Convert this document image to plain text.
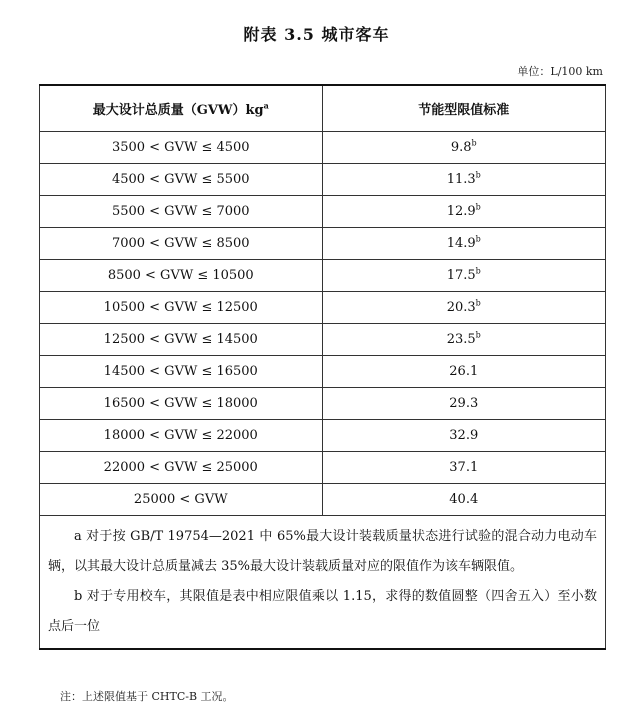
附表 3.5 城市客车
单位：L/100 km
最大设计总质量$(GVW)kg^a$	节能型限值标准
3500 < GVW ≤ 4500	9.8$^b$
4500 < GVW ≤ 5500	11.3$^b$
5500 < GVW ≤ 7000	12.9$^b$
7000 < GVW ≤ 8500	14.9$^b$
8500 < GVW ≤ 10500	17.5$^b$
10500 < GVW ≤ 12500	20.3$^b$
12500 < GVW ≤ 14500	23.5$^b$
14500 < GVW ≤ 16500	26.1
16500 < GVW ≤ 18000	29.3
18000 < GVW ≤ 22000	32.9
22000 < GVW ≤ 25000	37.1
25000 < GVW	40.4

a 对于按 GB/T 19754—2021 中 65%最大设计装载质量状态进行试验的混合动力电动车辆，以其最大设计总质量减去 35%最大设计装载质量对应的限值作为该车辆限值。

b 对于专用校车，其限值是表中相应限值乘以 1.15，求得的数值圆整（四舍五入）至小数点后一位	

注：上述限值基于 CHTC-B 工况。
